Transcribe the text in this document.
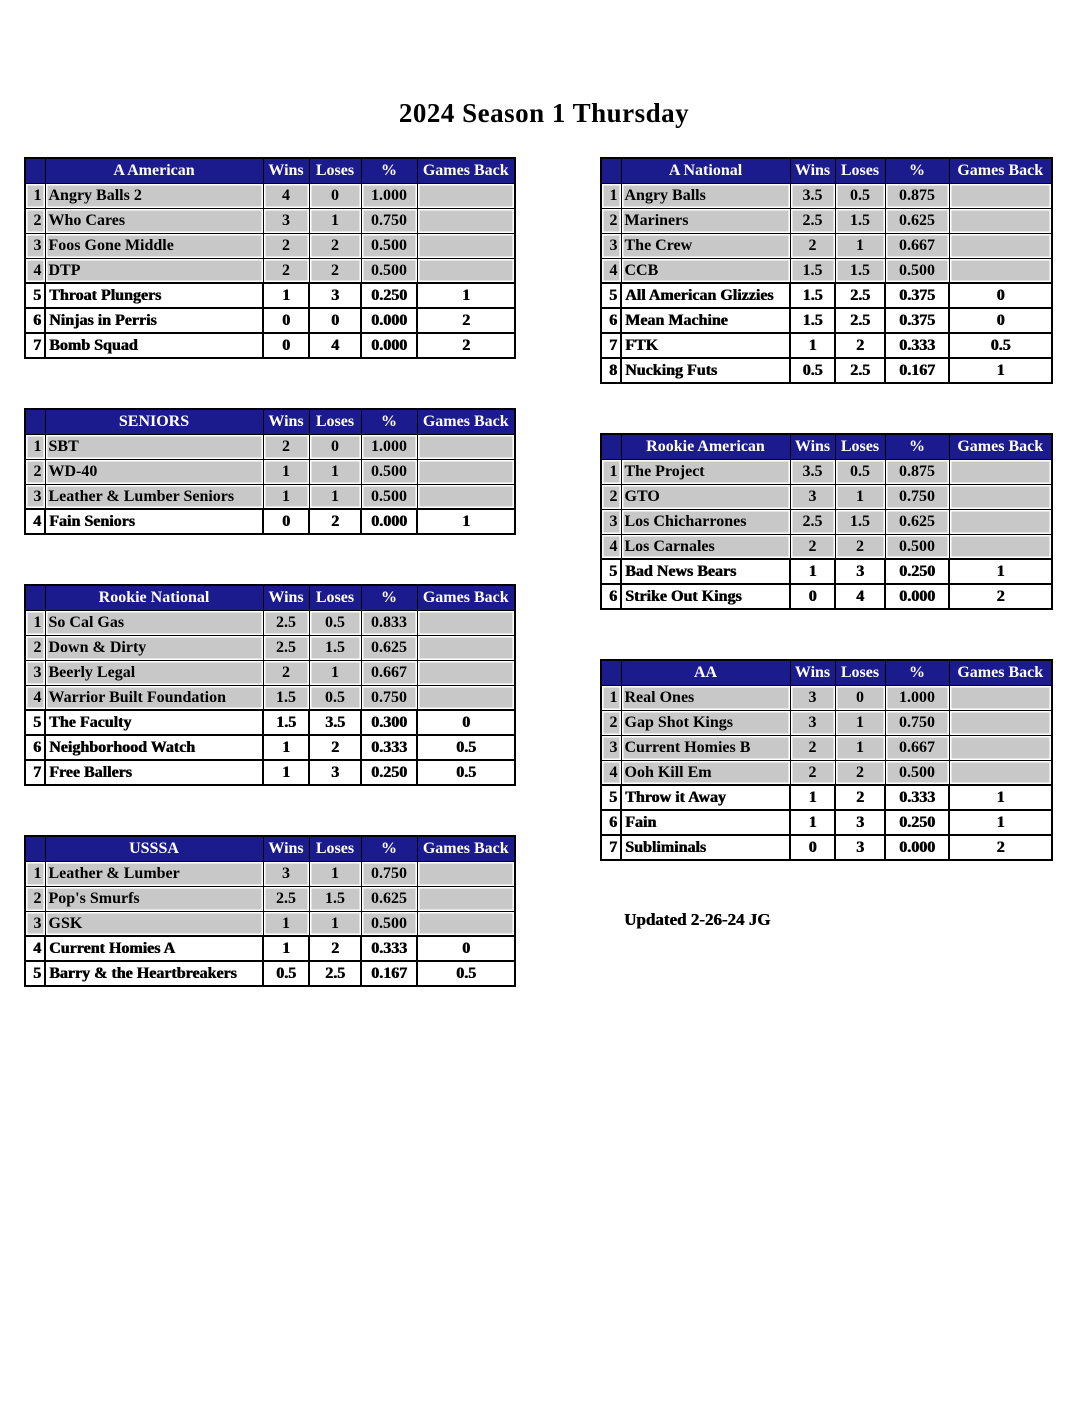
2024 Season 1 Thursday
	A American	Wins	Loses	%	Games Back
1	Angry Balls 2	4	0	1.000	
2	Who Cares	3	1	0.750	
3	Foos Gone Middle	2	2	0.500	
4	DTP	2	2	0.500	
5	Throat Plungers	1	3	0.250	1
6	Ninjas in Perris	0	0	0.000	2
7	Bomb Squad	0	4	0.000	2
	SENIORS	Wins	Loses	%	Games Back
1	SBT	2	0	1.000	
2	WD-40	1	1	0.500	
3	Leather & Lumber Seniors	1	1	0.500	
4	Fain Seniors	0	2	0.000	1
	Rookie National	Wins	Loses	%	Games Back
1	So Cal Gas	2.5	0.5	0.833	
2	Down & Dirty	2.5	1.5	0.625	
3	Beerly Legal	2	1	0.667	
4	Warrior Built Foundation	1.5	0.5	0.750	
5	The Faculty	1.5	3.5	0.300	0
6	Neighborhood Watch	1	2	0.333	0.5
7	Free Ballers	1	3	0.250	0.5
	USSSA	Wins	Loses	%	Games Back
1	Leather & Lumber	3	1	0.750	
2	Pop's Smurfs	2.5	1.5	0.625	
3	GSK	1	1	0.500	
4	Current Homies A	1	2	0.333	0
5	Barry & the Heartbreakers	0.5	2.5	0.167	0.5
	A National	Wins	Loses	%	Games Back
1	Angry Balls	3.5	0.5	0.875	
2	Mariners	2.5	1.5	0.625	
3	The Crew	2	1	0.667	
4	CCB	1.5	1.5	0.500	
5	All American Glizzies	1.5	2.5	0.375	0
6	Mean Machine	1.5	2.5	0.375	0
7	FTK	1	2	0.333	0.5
8	Nucking Futs	0.5	2.5	0.167	1
	Rookie American	Wins	Loses	%	Games Back
1	The Project	3.5	0.5	0.875	
2	GTO	3	1	0.750	
3	Los Chicharrones	2.5	1.5	0.625	
4	Los Carnales	2	2	0.500	
5	Bad News Bears	1	3	0.250	1
6	Strike Out Kings	0	4	0.000	2
	AA	Wins	Loses	%	Games Back
1	Real Ones	3	0	1.000	
2	Gap Shot Kings	3	1	0.750	
3	Current Homies B	2	1	0.667	
4	Ooh Kill Em	2	2	0.500	
5	Throw it Away	1	2	0.333	1
6	Fain	1	3	0.250	1
7	Subliminals	0	3	0.000	2
Updated 2-26-24 JG
